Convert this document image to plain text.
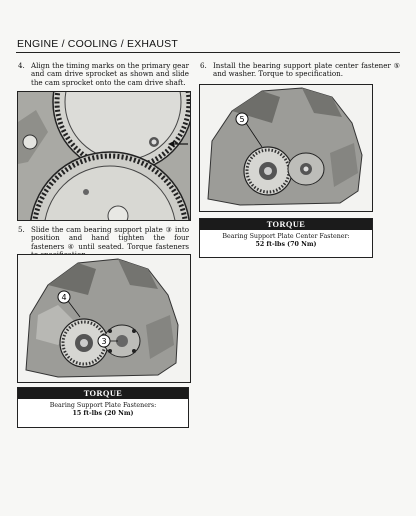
ENGINE / COOLING / EXHAUST
4. Align the timing marks on the primary gear and cam drive sprocket as shown and slide the cam sprocket onto the cam drive shaft.
5. Slide the cam bearing support plate ③ into position and hand tighten the four fasteners ④ until seated. Torque fasteners
4
3
TORQUE
Bearing Support Plate Fasteners:
15 ft-lbs (20 Nm)
6. Install the bearing support plate center fastener ⑤ and washer. Torque to specification.
5
TORQUE
Bearing Support Plate Center Fastener:
52 ft-lbs (70 Nm)
